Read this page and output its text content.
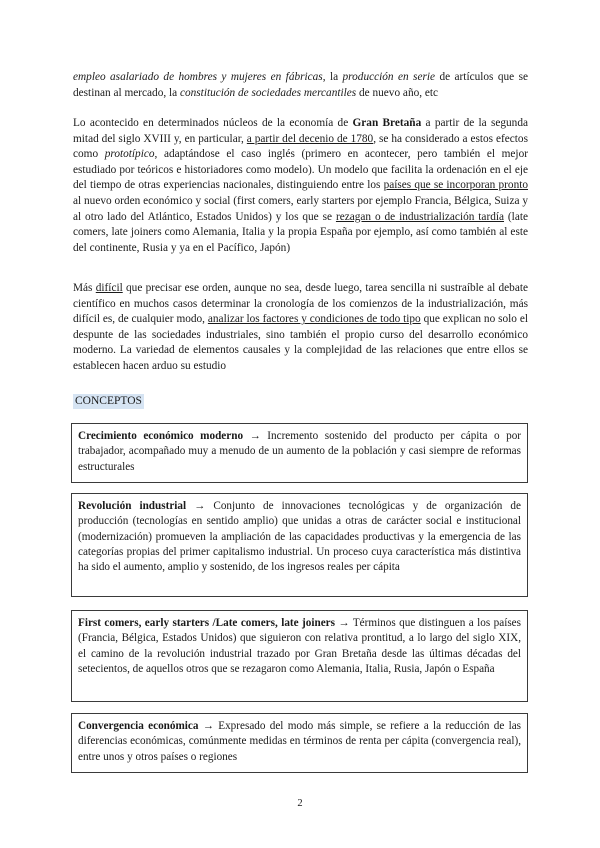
empleo asalariado de hombres y mujeres en fábricas, la producción en serie de artículos que se destinan al mercado, la constitución de sociedades mercantiles de nuevo año, etc

Lo acontecido en determinados núcleos de la economía de Gran Bretaña a partir de la segunda mitad del siglo XVIII y, en particular, a partir del decenio de 1780, se ha considerado a estos efectos como prototípico, adaptándose el caso inglés (primero en acontecer, pero también el mejor estudiado por teóricos e historiadores como modelo). Un modelo que facilita la ordenación en el eje del tiempo de otras experiencias nacionales, distinguiendo entre los países que se incorporan pronto al nuevo orden económico y social (first comers, early starters por ejemplo Francia, Bélgica, Suiza y al otro lado del Atlántico, Estados Unidos) y los que se rezagan o de industrialización tardía (late comers, late joiners como Alemania, Italia y la propia España por ejemplo, así como también al este del continente, Rusia y ya en el Pacífico, Japón)

Más difícil que precisar ese orden, aunque no sea, desde luego, tarea sencilla ni sustraíble al debate científico en muchos casos determinar la cronología de los comienzos de la industrialización, más difícil es, de cualquier modo, analizar los factores y condiciones de todo tipo que explican no solo el despunte de las sociedades industriales, sino también el propio curso del desarrollo económico moderno. La variedad de elementos causales y la complejidad de las relaciones que entre ellos se establecen hacen arduo su estudio

CONCEPTOS
Crecimiento económico moderno → Incremento sostenido del producto per cápita o por trabajador, acompañado muy a menudo de un aumento de la población y casi siempre de reformas estructurales
Revolución industrial → Conjunto de innovaciones tecnológicas y de organización de producción (tecnologías en sentido amplio) que unidas a otras de carácter social e institucional (modernización) promueven la ampliación de las capacidades productivas y la emergencia de las categorías propias del primer capitalismo industrial. Un proceso cuya característica más distintiva ha sido el aumento, amplio y sostenido, de los ingresos reales per cápita
First comers, early starters /Late comers, late joiners → Términos que distinguen a los países (Francia, Bélgica, Estados Unidos) que siguieron con relativa prontitud, a lo largo del siglo XIX, el camino de la revolución industrial trazado por Gran Bretaña desde las últimas décadas del setecientos, de aquellos otros que se rezagaron como Alemania, Italia, Rusia, Japón o España
Convergencia económica → Expresado del modo más simple, se refiere a la reducción de las diferencias económicas, comúnmente medidas en términos de renta per cápita (convergencia real), entre unos y otros países o regiones
2
